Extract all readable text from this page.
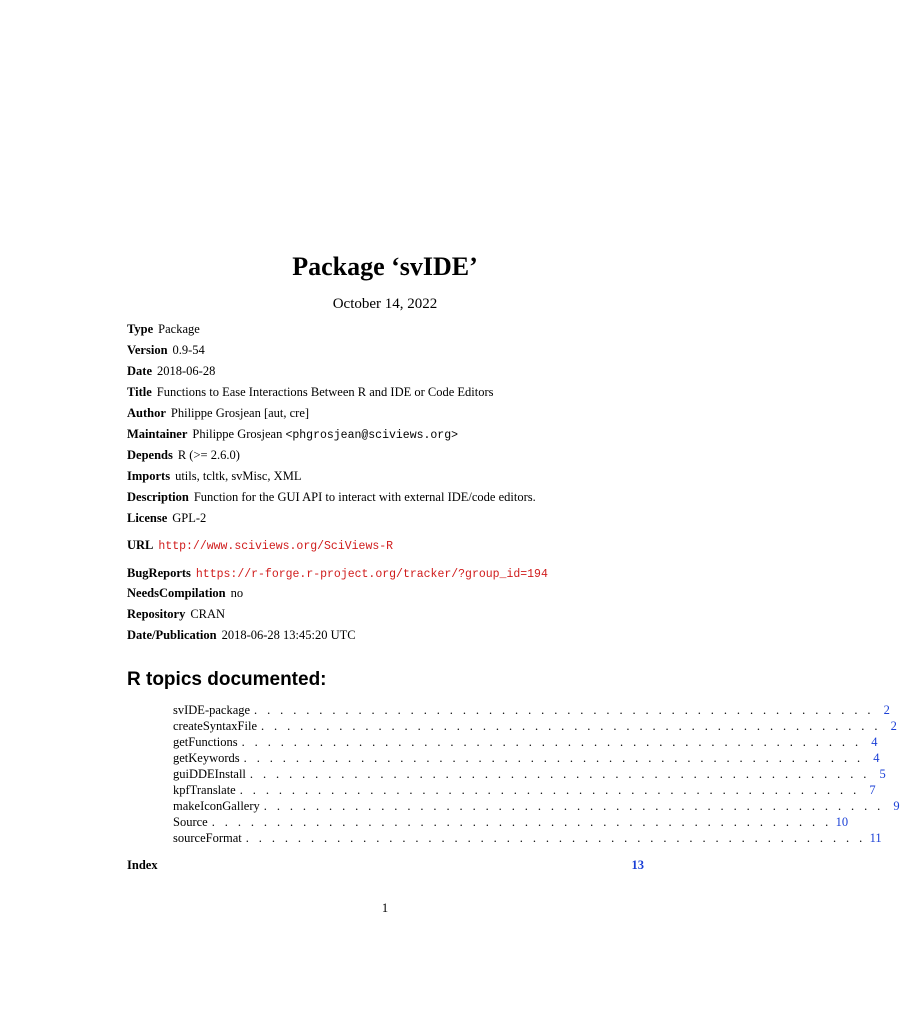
Package ‘svIDE’
October 14, 2022
Type Package
Version 0.9-54
Date 2018-06-28
Title Functions to Ease Interactions Between R and IDE or Code Editors
Author Philippe Grosjean [aut, cre]
Maintainer Philippe Grosjean <phgrosjean@sciviews.org>
Depends R (>= 2.6.0)
Imports utils, tcltk, svMisc, XML
Description Function for the GUI API to interact with external IDE/code editors.
License GPL-2
URL http://www.sciviews.org/SciViews-R
BugReports https://r-forge.r-project.org/tracker/?group_id=194
NeedsCompilation no
Repository CRAN
Date/Publication 2018-06-28 13:45:20 UTC
R topics documented:
svIDE-package . . . . . . . . . . . . . . . . . . . . . . . . . . . . . . . . . . . . . . . . . . . . . . . . 2
createSyntaxFile . . . . . . . . . . . . . . . . . . . . . . . . . . . . . . . . . . . . . . . . . . . . . . . . 2
getFunctions . . . . . . . . . . . . . . . . . . . . . . . . . . . . . . . . . . . . . . . . . . . . . . . . 4
getKeywords . . . . . . . . . . . . . . . . . . . . . . . . . . . . . . . . . . . . . . . . . . . . . . . . 4
guiDDEInstall . . . . . . . . . . . . . . . . . . . . . . . . . . . . . . . . . . . . . . . . . . . . . . . . 5
kpfTranslate . . . . . . . . . . . . . . . . . . . . . . . . . . . . . . . . . . . . . . . . . . . . . . . . 7
makeIconGallery . . . . . . . . . . . . . . . . . . . . . . . . . . . . . . . . . . . . . . . . . . . . . . . . 9
Source . . . . . . . . . . . . . . . . . . . . . . . . . . . . . . . . . . . . . . . . . . . . . . . . 10
sourceFormat . . . . . . . . . . . . . . . . . . . . . . . . . . . . . . . . . . . . . . . . . . . . . . . . 11
Index	13
1
